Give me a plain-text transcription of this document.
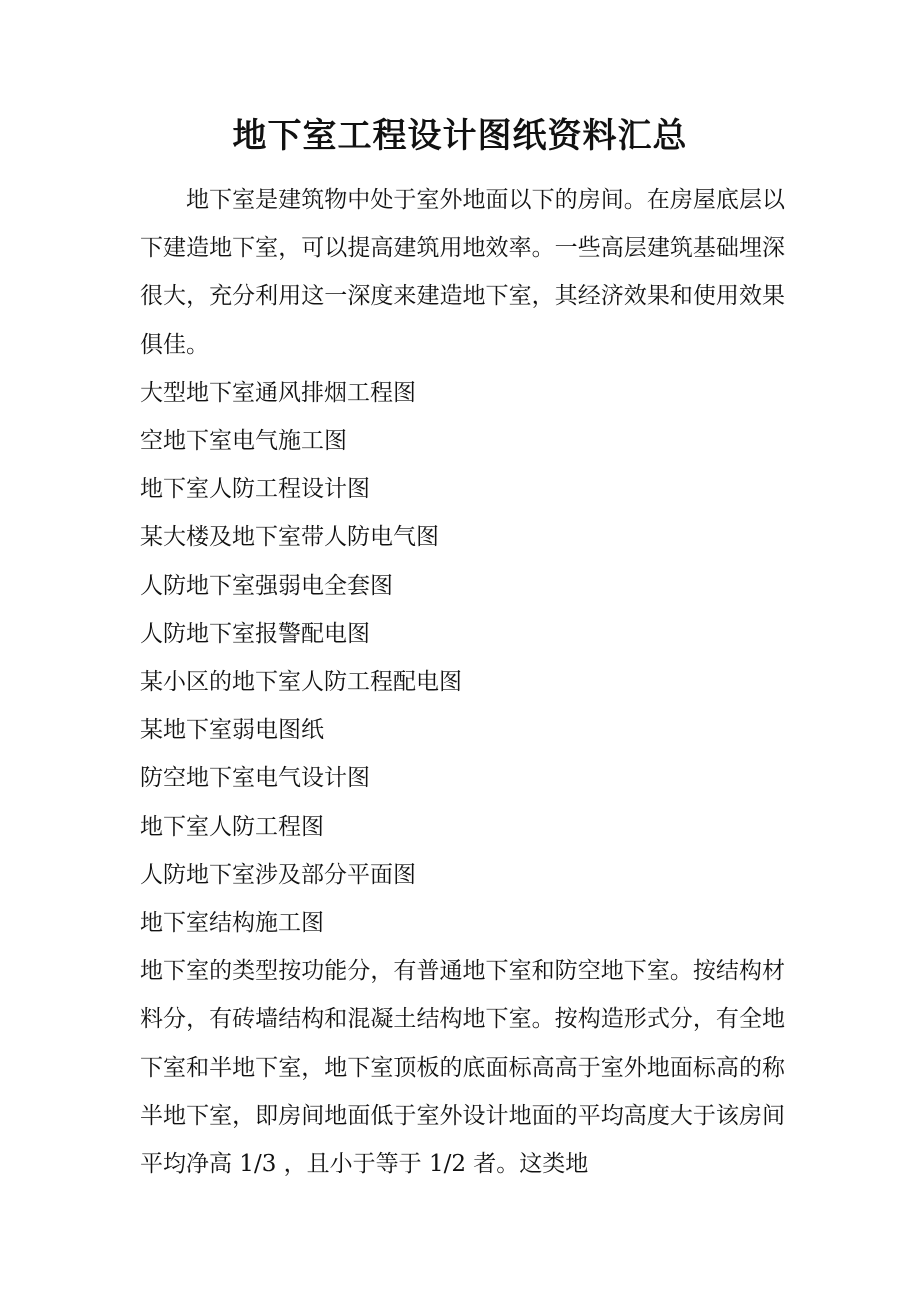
地下室工程设计图纸资料汇总

地下室是建筑物中处于室外地面以下的房间。在房屋底层以下建造地下室，可以提高建筑用地效率。一些高层建筑基础埋深很大，充分利用这一深度来建造地下室，其经济效果和使用效果俱佳。

大型地下室通风排烟工程图
空地下室电气施工图
地下室人防工程设计图
某大楼及地下室带人防电气图
人防地下室强弱电全套图
人防地下室报警配电图
某小区的地下室人防工程配电图
某地下室弱电图纸
防空地下室电气设计图
地下室人防工程图
人防地下室涉及部分平面图
地下室结构施工图

地下室的类型按功能分，有普通地下室和防空地下室。按结构材料分，有砖墙结构和混凝土结构地下室。按构造形式分，有全地下室和半地下室，地下室顶板的底面标高高于室外地面标高的称半地下室，即房间地面低于室外设计地面的平均高度大于该房间平均净高 1/3 ，且小于等于 1/2 者。这类地
